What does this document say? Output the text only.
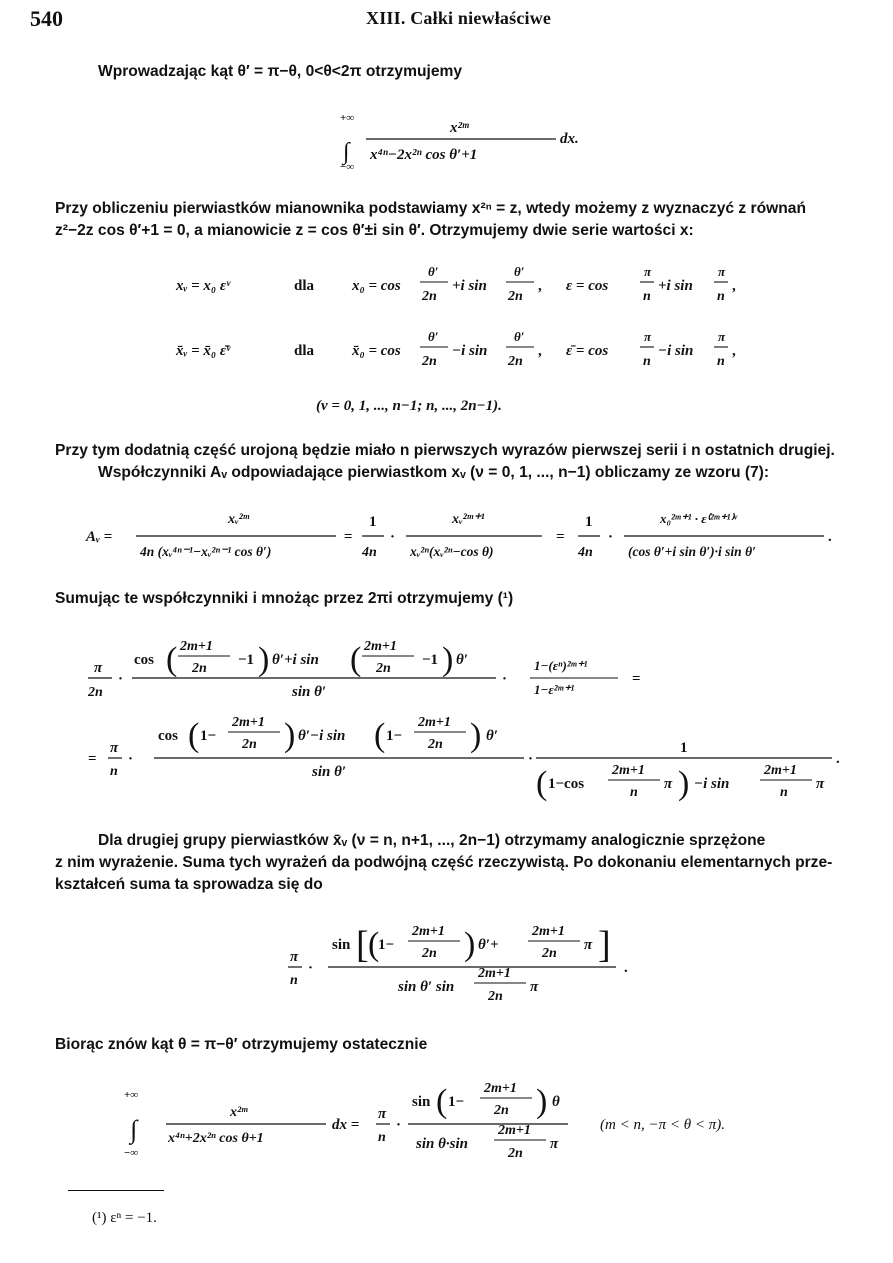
540	XIII. Całki niewłaściwe
Wprowadzając kąt θ′ = π−θ, 0<θ<2π otrzymujemy
+∞
∫
−∞
x²ᵐ
x⁴ⁿ−2x²ⁿ cos θ′+1
dx.
Przy obliczeniu pierwiastków mianownika podstawiamy x²ⁿ = z, wtedy możemy z wyznaczyć z równań
z²−2z cos θ′+1 = 0, a mianowicie z = cos θ′±i sin θ′. Otrzymujemy dwie serie wartości x:
xᵥ = x₀ εᵛ	dla	x₀ = cos
θ′
2n
+i sin
θ′
2n
, ε = cos
π
n
+i sin
π
n
,
x̄ᵥ = x̄₀ ε̄ᵛ	dla	x̄₀ = cos
θ′
2n
−i sin
θ′
2n
, ε̄ = cos
π
n
−i sin
π
n
,
(ν = 0, 1, ..., n−1; n, ..., 2n−1).
Przy tym dodatnią część urojoną będzie miało n pierwszych wyrazów pierwszej serii i n ostatnich drugiej.
Współczynniki Aᵥ odpowiadające pierwiastkom xᵥ (ν = 0, 1, ..., n−1) obliczamy ze wzoru (7):
Aᵥ =
xᵥ²ᵐ
4n (xᵥ⁴ⁿ⁻¹−xᵥ²ⁿ⁻¹ cos θ′)
=
1
4n
·
xᵥ²ᵐ⁺¹
xᵥ²ⁿ(xᵥ²ⁿ−cos θ)
=
1
4n
·
x₀²ᵐ⁺¹ · ε⁽²ᵐ⁺¹⁾ᵛ
(cos θ′+i sin θ′)·i sin θ′
.
Sumując te współczynniki i mnożąc przez 2πi otrzymujemy (¹)
π
2n
·
cos ( 2m+1
2n
−1 ) θ′+i sin ( 2m+1
2n
−1 ) θ′
sin θ′
·
1−(εⁿ)²ᵐ⁺¹
1−ε²ᵐ⁺¹
=
=
π
n
·
cos ( 1−
2m+1
2n ) θ′−i sin ( 1−
2m+1
2n ) θ′
sin θ′
·
1
( 1−cos
2m+1
n
π ) −i sin
2m+1
n
π
.
Dla drugiej grupy pierwiastków x̄ᵥ (ν = n, n+1, ..., 2n−1) otrzymamy analogicznie sprzężone
z nim wyrażenie. Suma tych wyrażeń da podwójną część rzeczywistą. Po dokonaniu elementarnych prze-
kształceń suma ta sprowadza się do
π
n
·
sin [ (
1−
2m+1
2n ) θ′+
2m+1
2n
π ]
sin θ′ sin
2m+1
2n
π
.
Biorąc znów kąt θ = π−θ′ otrzymujemy ostatecznie
+∞
∫
−∞
x²ᵐ
x⁴ⁿ+2x²ⁿ cos θ+1
dx =
π
n
·
sin ( 1−
2m+1
2n ) θ
sin θ·sin
2m+1
2n
π
(m < n, −π < θ < π).
(¹) εⁿ = −1.
